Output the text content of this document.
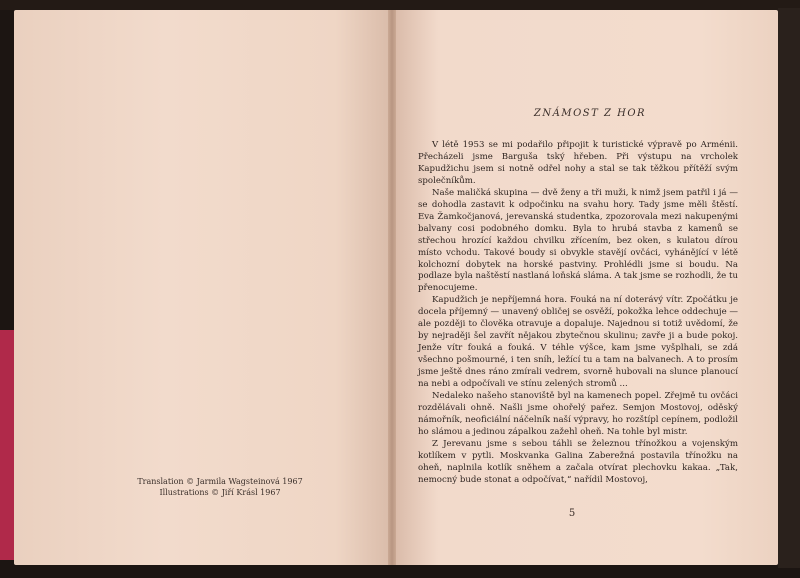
Translation © Jarmila Wagsteinová 1967
Illustrations © Jiří Krásl 1967
ZNÁMOST Z HOR

V létě 1953 se mi podařilo připojit k turistické výpravě po Arménii. Přecházeli jsme Barguša tský hřeben. Při výstupu na vrcholek Kapudžichu jsem si notně odřel nohy a stal se tak těžkou přítěží svým společníkům.

Naše maličká skupina — dvě ženy a tři muži, k nimž jsem patřil i já — se dohodla zastavit k odpočinku na svahu hory. Tady jsme měli štěstí. Eva Žamkočjanová, jerevanská studentka, zpozorovala mezi nakupenými balvany cosi podobného domku. Byla to hrubá stavba z kamenů se střechou hrozící každou chvilku zřícením, bez oken, s kulatou dírou místo vchodu. Takové boudy si obvykle stavějí ovčáci, vyhánějící v létě kolchozní dobytek na horské pastviny. Prohlédli jsme si boudu. Na podlaze byla naštěstí nastlaná loňská sláma. A tak jsme se rozhodli, že tu přenocujeme.

Kapudžich je nepříjemná hora. Fouká na ní doterávý vítr. Zpočátku je docela příjemný — unavený obličej se osvěží, pokožka lehce oddechuje — ale později to člověka otravuje a dopaluje. Najednou si totiž uvědomí, že by nejraději šel zavřít nějakou zbytečnou skulinu; zavře ji a bude pokoj. Jenže vítr fouká a fouká. V téhle výšce, kam jsme vyšplhali, se zdá všechno pošmourné, i ten sníh, ležící tu a tam na balvanech. A to prosím jsme ještě dnes ráno zmírali vedrem, svorně hubovali na slunce planoucí na nebi a odpočívali ve stínu zelených stromů ...

Nedaleko našeho stanoviště byl na kamenech popel. Zřejmě tu ovčáci rozdělávali ohně. Našli jsme ohořelý pařez. Semjon Mostovoj, oděský námořník, neoficiální náčelník naší výpravy, ho rozštípl cepínem, podložil ho slámou a jedinou zápalkou zažehl oheň. Na tohle byl mistr.

Z Jerevanu jsme s sebou táhli se železnou třínožkou a vojenským kotlíkem v pytli. Moskvanka Galina Zaberežná postavila třínožku na oheň, naplnila kotlík sněhem a začala otvírat plechovku kakaa. „Tak, nemocný bude stonat a odpočívat,“ nařídil Mostovoj,

5
